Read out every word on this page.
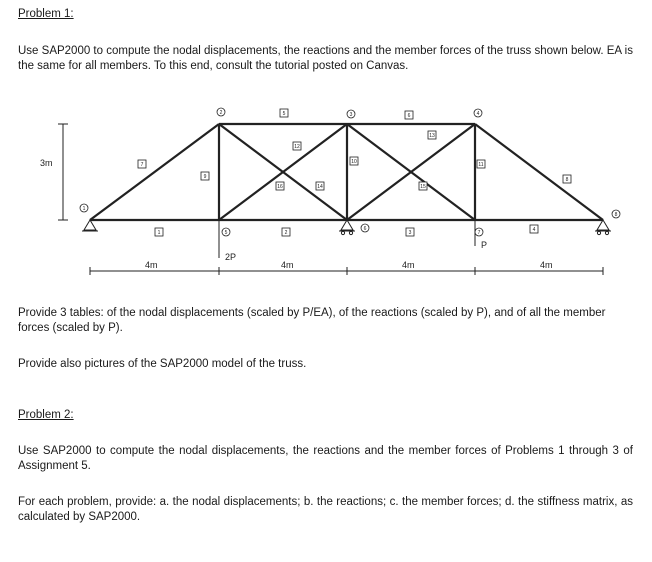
Problem 1:

Use SAP2000 to compute the nodal displacements, the reactions and the member forces of the truss shown below. EA is the same for all members. To this end, consult the tutorial posted on Canvas.

1
2	3	4
5
6
7
8
1	2	3	4
5	6
7
8
9
10	11
12
13
14	15
16
3m
4m	4m	4m	4m
2P
P

Provide 3 tables: of the nodal displacements (scaled by P/EA), of the reactions (scaled by P), and of all the member forces (scaled by P).

Provide also pictures of the SAP2000 model of the truss.

Problem 2:

Use SAP2000 to compute the nodal displacements, the reactions and the member forces of Problems 1 through 3 of Assignment 5.

For each problem, provide: a. the nodal displacements; b. the reactions; c. the member forces; d. the stiffness matrix, as calculated by SAP2000.
